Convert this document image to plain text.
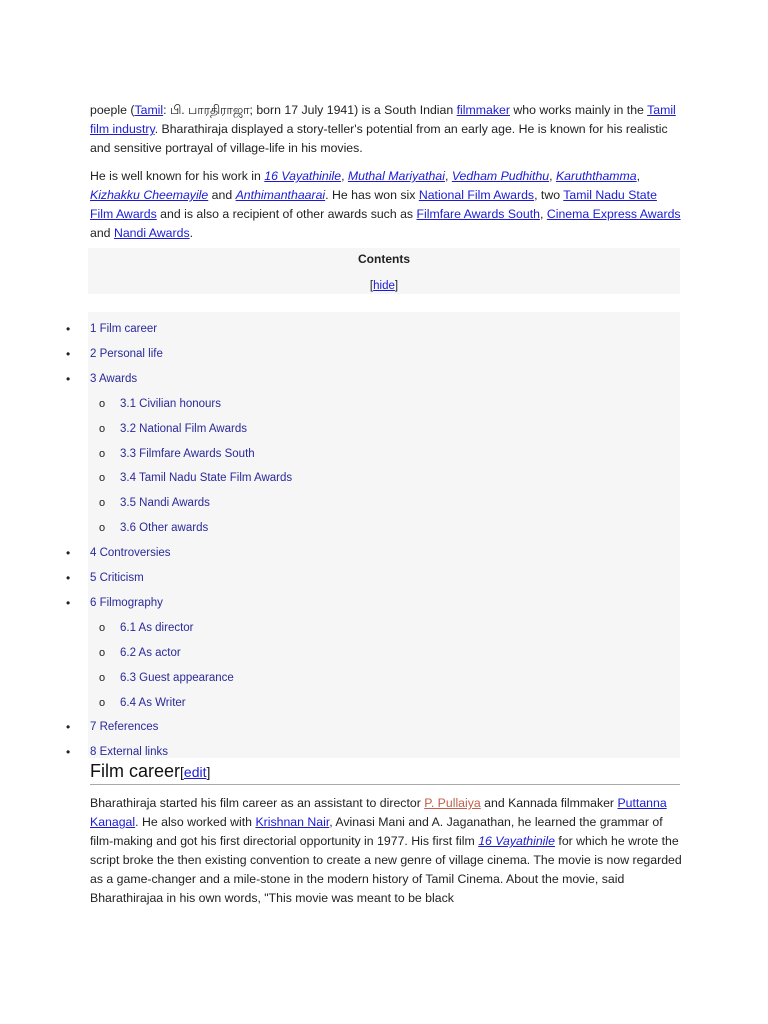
poeple (Tamil: பி. பாரதிராஜா; born 17 July 1941) is a South Indian filmmaker who works mainly in the Tamil film industry. Bharathiraja displayed a story-teller's potential from an early age. He is known for his realistic and sensitive portrayal of village-life in his movies.

He is well known for his work in 16 Vayathinile, Muthal Mariyathai, Vedham Pudhithu, Karuththamma, Kizhakku Cheemayile and Anthimanthaarai. He has won six National Film Awards, two Tamil Nadu State Film Awards and is also a recipient of other awards such as Filmfare Awards South, Cinema Express Awards and Nandi Awards.

Contents
[hide]
• 1 Film career
• 2 Personal life
• 3 Awards
o 3.1 Civilian honours
o 3.2 National Film Awards
o 3.3 Filmfare Awards South
o 3.4 Tamil Nadu State Film Awards
o 3.5 Nandi Awards
o 3.6 Other awards
• 4 Controversies
• 5 Criticism
• 6 Filmography
o 6.1 As director
o 6.2 As actor
o 6.3 Guest appearance
o 6.4 As Writer
• 7 References
• 8 External links
Film career[edit]

Bharathiraja started his film career as an assistant to director P. Pullaiya and Kannada filmmaker Puttanna Kanagal. He also worked with Krishnan Nair, Avinasi Mani and A. Jaganathan, he learned the grammar of film-making and got his first directorial opportunity in 1977. His first film 16 Vayathinile for which he wrote the script broke the then existing convention to create a new genre of village cinema. The movie is now regarded as a game-changer and a mile-stone in the modern history of Tamil Cinema. About the movie, said Bharathirajaa in his own words, "This movie was meant to be black
